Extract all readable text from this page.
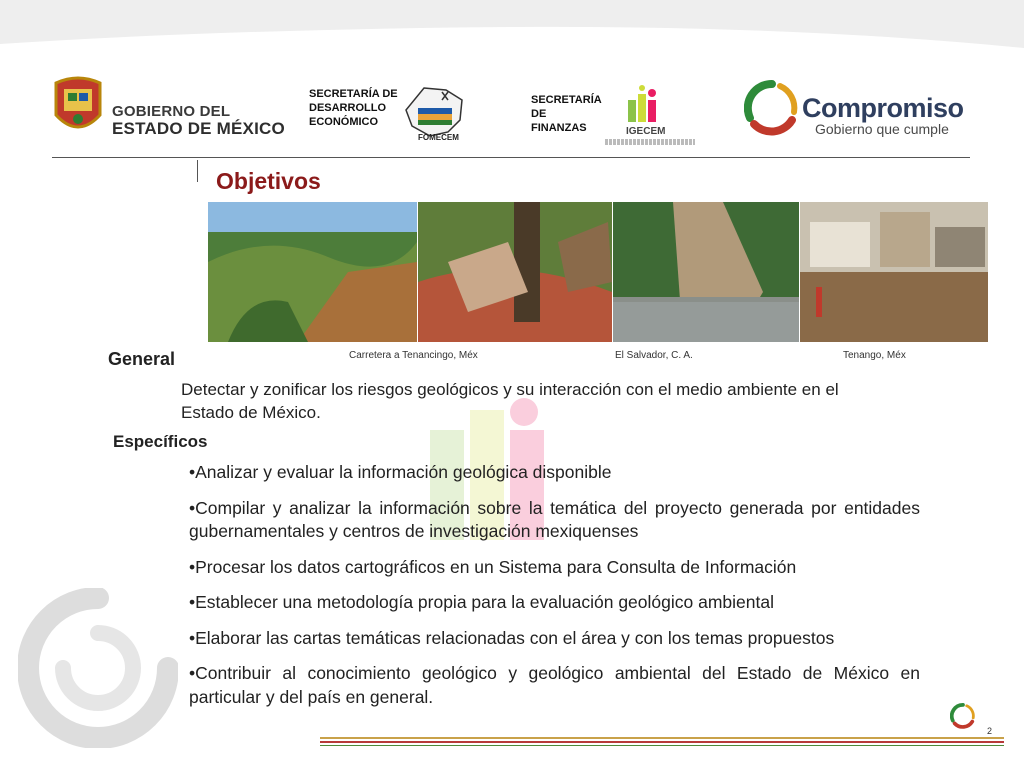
GOBIERNO DEL
ESTADO DE MÉXICO
SECRETARÍA DE
DESARROLLO
ECONÓMICO
FOMECEM
SECRETARÍA
DE
FINANZAS	IGECEM
Compromiso
Gobierno que cumple
Objetivos
Carretera a Tenancingo, Méx	El Salvador, C. A.	Tenango, Méx
General
Detectar y zonificar los riesgos geológicos y su interacción con el medio ambiente en el Estado de México.
Específicos
•Analizar y evaluar la información geológica disponible
•Compilar y analizar la información sobre la temática del proyecto generada por entidades gubernamentales y centros de investigación mexiquenses
•Procesar los datos cartográficos en un Sistema para Consulta de Información
•Establecer una metodología propia para la evaluación geológico ambiental
•Elaborar las cartas temáticas relacionadas con el área y con los temas propuestos
•Contribuir al conocimiento geológico y geológico ambiental del Estado de México en particular y del país en general.
2
